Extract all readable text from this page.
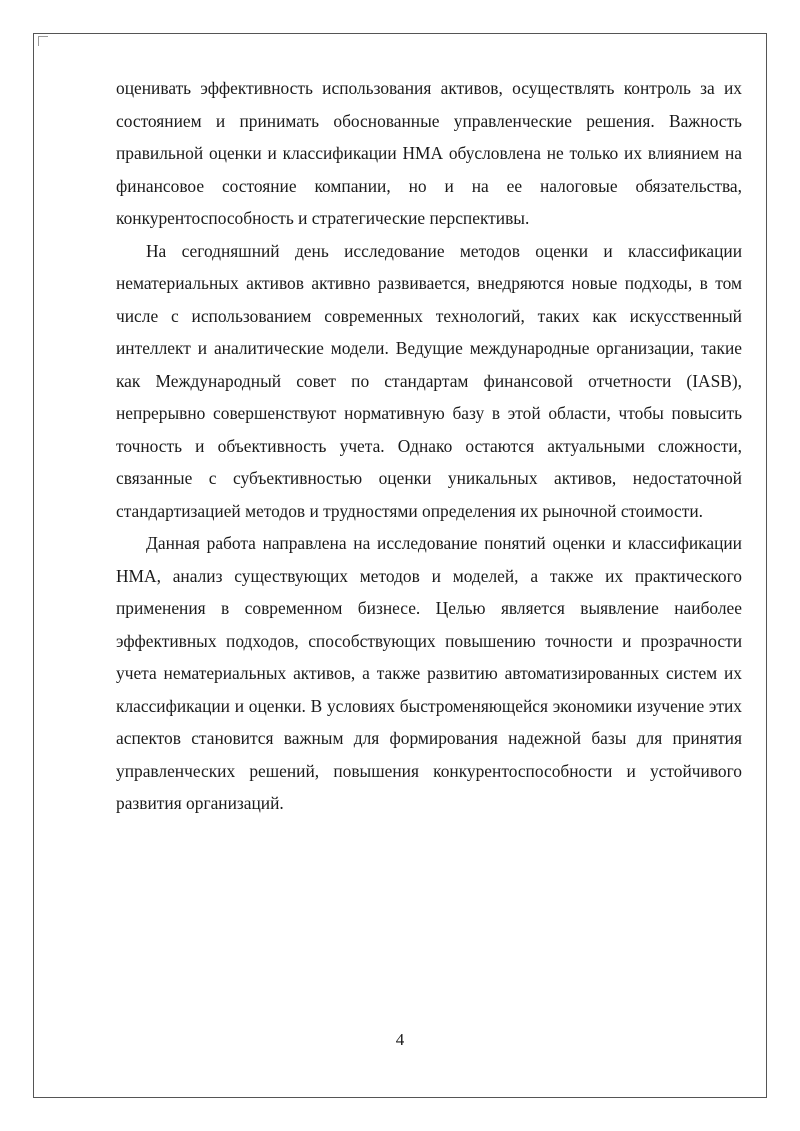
оценивать эффективность использования активов, осуществлять контроль за их состоянием и принимать обоснованные управленческие решения. Важность правильной оценки и классификации НМА обусловлена не только их влиянием на финансовое состояние компании, но и на ее налоговые обязательства, конкурентоспособность и стратегические перспективы.

На сегодняшний день исследование методов оценки и классификации нематериальных активов активно развивается, внедряются новые подходы, в том числе с использованием современных технологий, таких как искусственный интеллект и аналитические модели. Ведущие международные организации, такие как Международный совет по стандартам финансовой отчетности (IASB), непрерывно совершенствуют нормативную базу в этой области, чтобы повысить точность и объективность учета. Однако остаются актуальными сложности, связанные с субъективностью оценки уникальных активов, недостаточной стандартизацией методов и трудностями определения их рыночной стоимости.

Данная работа направлена на исследование понятий оценки и классификации НМА, анализ существующих методов и моделей, а также их практического применения в современном бизнесе. Целью является выявление наиболее эффективных подходов, способствующих повышению точности и прозрачности учета нематериальных активов, а также развитию автоматизированных систем их классификации и оценки. В условиях быстроменяющейся экономики изучение этих аспектов становится важным для формирования надежной базы для принятия управленческих решений, повышения конкурентоспособности и устойчивого развития организаций.

4
